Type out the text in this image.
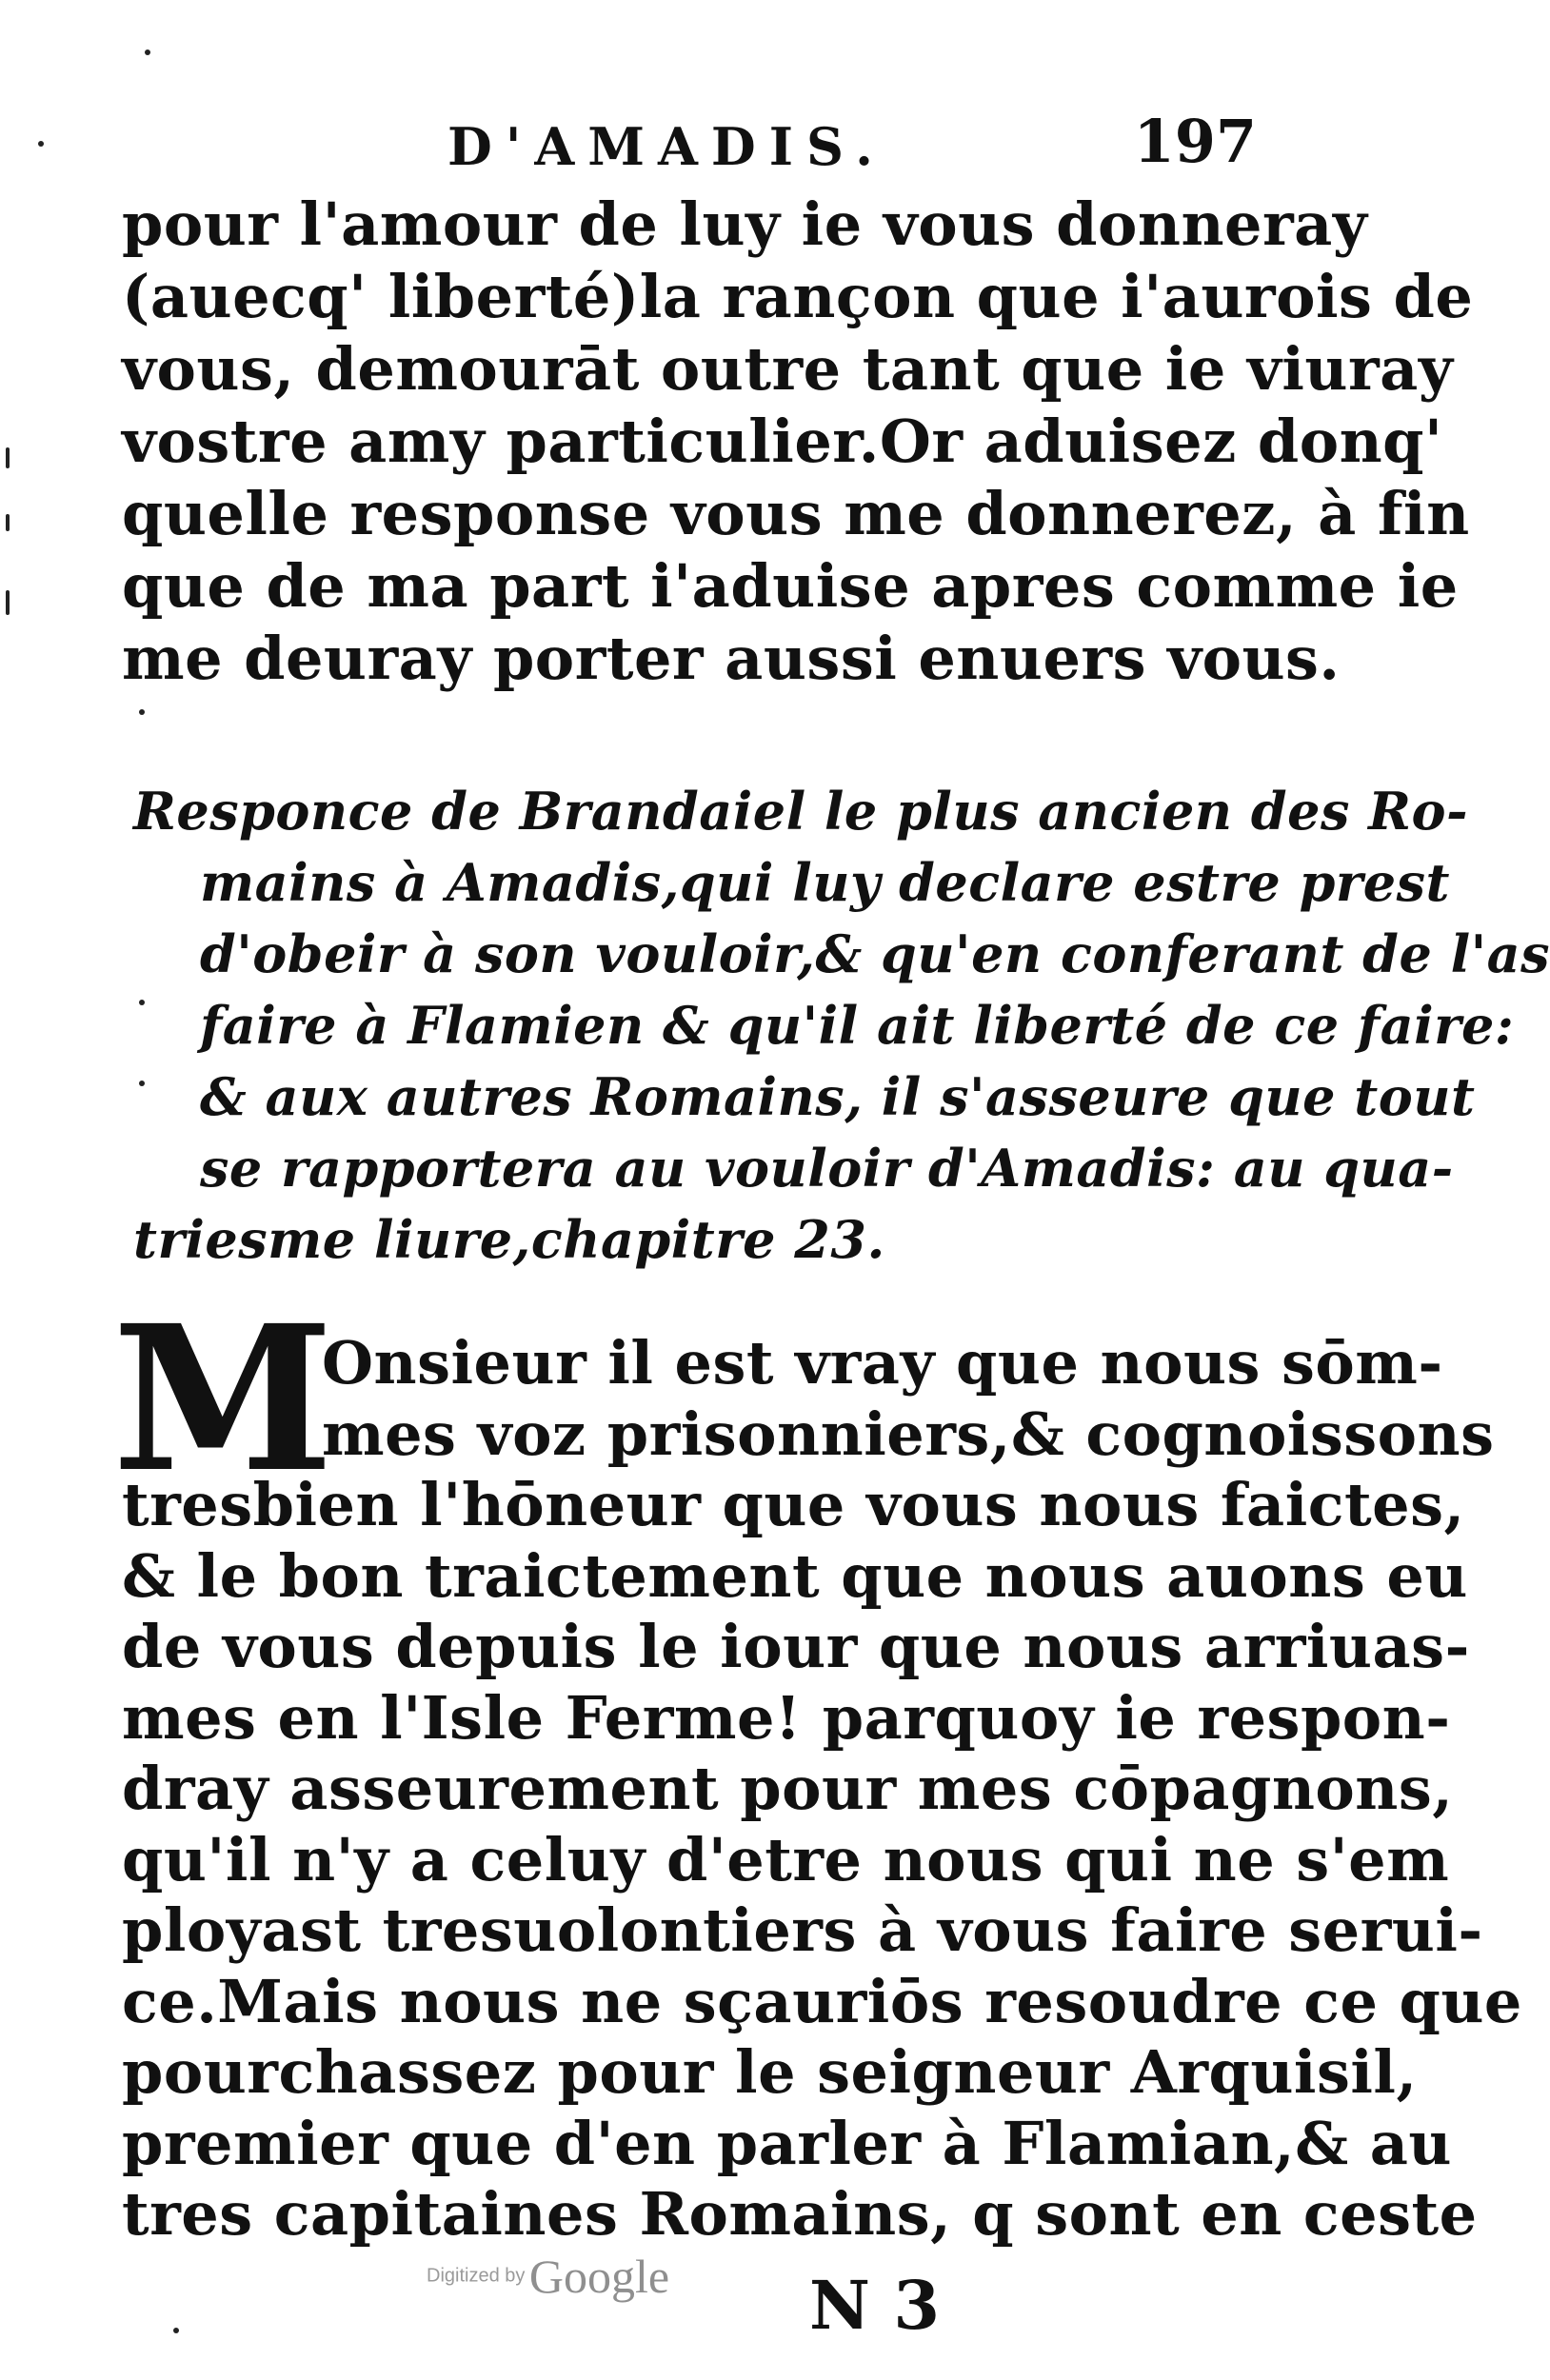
D'AMADIS.	197
pour l'amour de luy ie vous donneray
(auecq' liberté)la rançon que i'aurois de
vous, demourāt outre tant que ie viuray
vostre amy particulier.Or aduisez donq'
quelle response vous me donnerez, à fin
que de ma part i'aduise apres comme ie
me deuray porter aussi enuers vous.
Responce de Brandaiel le plus ancien des Ro-
mains à Amadis,qui luy declare estre prest
d'obeir à son vouloir,& qu'en conferant de l'as
faire à Flamien & qu'il ait liberté de ce faire:
& aux autres Romains, il s'asseure que tout
se rapportera au vouloir d'Amadis: au qua-
triesme liure,chapitre 23.
M
Onsieur il est vray que nous sōm-
mes voz prisonniers,& cognoissons
tresbien l'hōneur que vous nous faictes,
& le bon traictement que nous auons eu
de vous depuis le iour que nous arriuas-
mes en l'Isle Ferme! parquoy ie respon-
dray asseurement pour mes cōpagnons,
qu'il n'y a celuy d'etre nous qui ne s'em
ployast tresuolontiers à vous faire serui-
ce.Mais nous ne sçauriōs resoudre ce que
pourchassez pour le seigneur Arquisil,
premier que d'en parler à Flamian,& au
tres capitaines Romains, q sont en ceste
Digitized by Google N 3
